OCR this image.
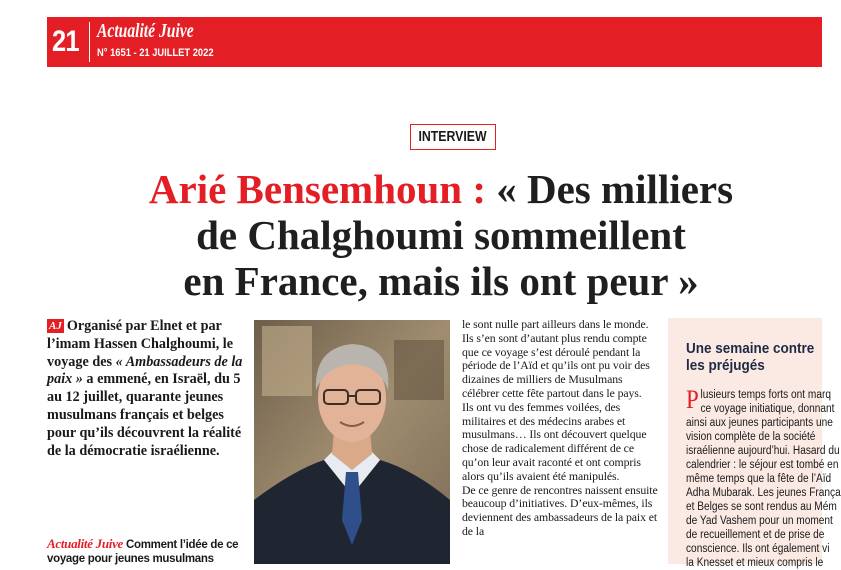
21 Actualité Juive
N° 1651 - 21 JUILLET 2022
INTERVIEW
Arié Bensemhoun : « Des milliers
de Chalghoumi sommeillent
en France, mais ils ont peur »
AJ Organisé par Elnet et par l’imam Hassen Chalghoumi, le voyage des « Ambassadeurs de la paix » a emmené, en Israël, du 5 au 12 juillet, quarante jeunes musulmans français et belges pour qu’ils découvrent la réalité de la démocratie israélienne.
Actualité Juive Comment l’idée de ce voyage pour jeunes musulmans

le sont nulle part ailleurs dans le monde. Ils s’en sont d’autant plus rendu compte que ce voyage s’est déroulé pendant la période de l’Aïd et qu’ils ont pu voir des dizaines de milliers de Musulmans célébrer cette fête partout dans le pays.

Ils ont vu des femmes voilées, des militaires et des médecins arabes et musulmans… Ils ont découvert quelque chose de radicalement différent de ce qu’on leur avait raconté et ont compris alors qu’ils avaient été manipulés.

De ce genre de rencontres naissent ensuite beaucoup d’initiatives. D’eux-mêmes, ils deviennent des ambassadeurs de la paix et de la

Une semaine contre
les préjugés
P lusieurs temps forts ont marq
ce voyage initiatique, donnant
ainsi aux jeunes participants une
vision complète de la société
israélienne aujourd’hui. Hasard du
calendrier : le séjour est tombé en
même temps que la fête de l’Aïd
Adha Mubarak. Les jeunes França
et Belges se sont rendus au Mém
de Yad Vashem pour un moment
de recueillement et de prise de
conscience. Ils ont également vi
la Knesset et mieux compris le
